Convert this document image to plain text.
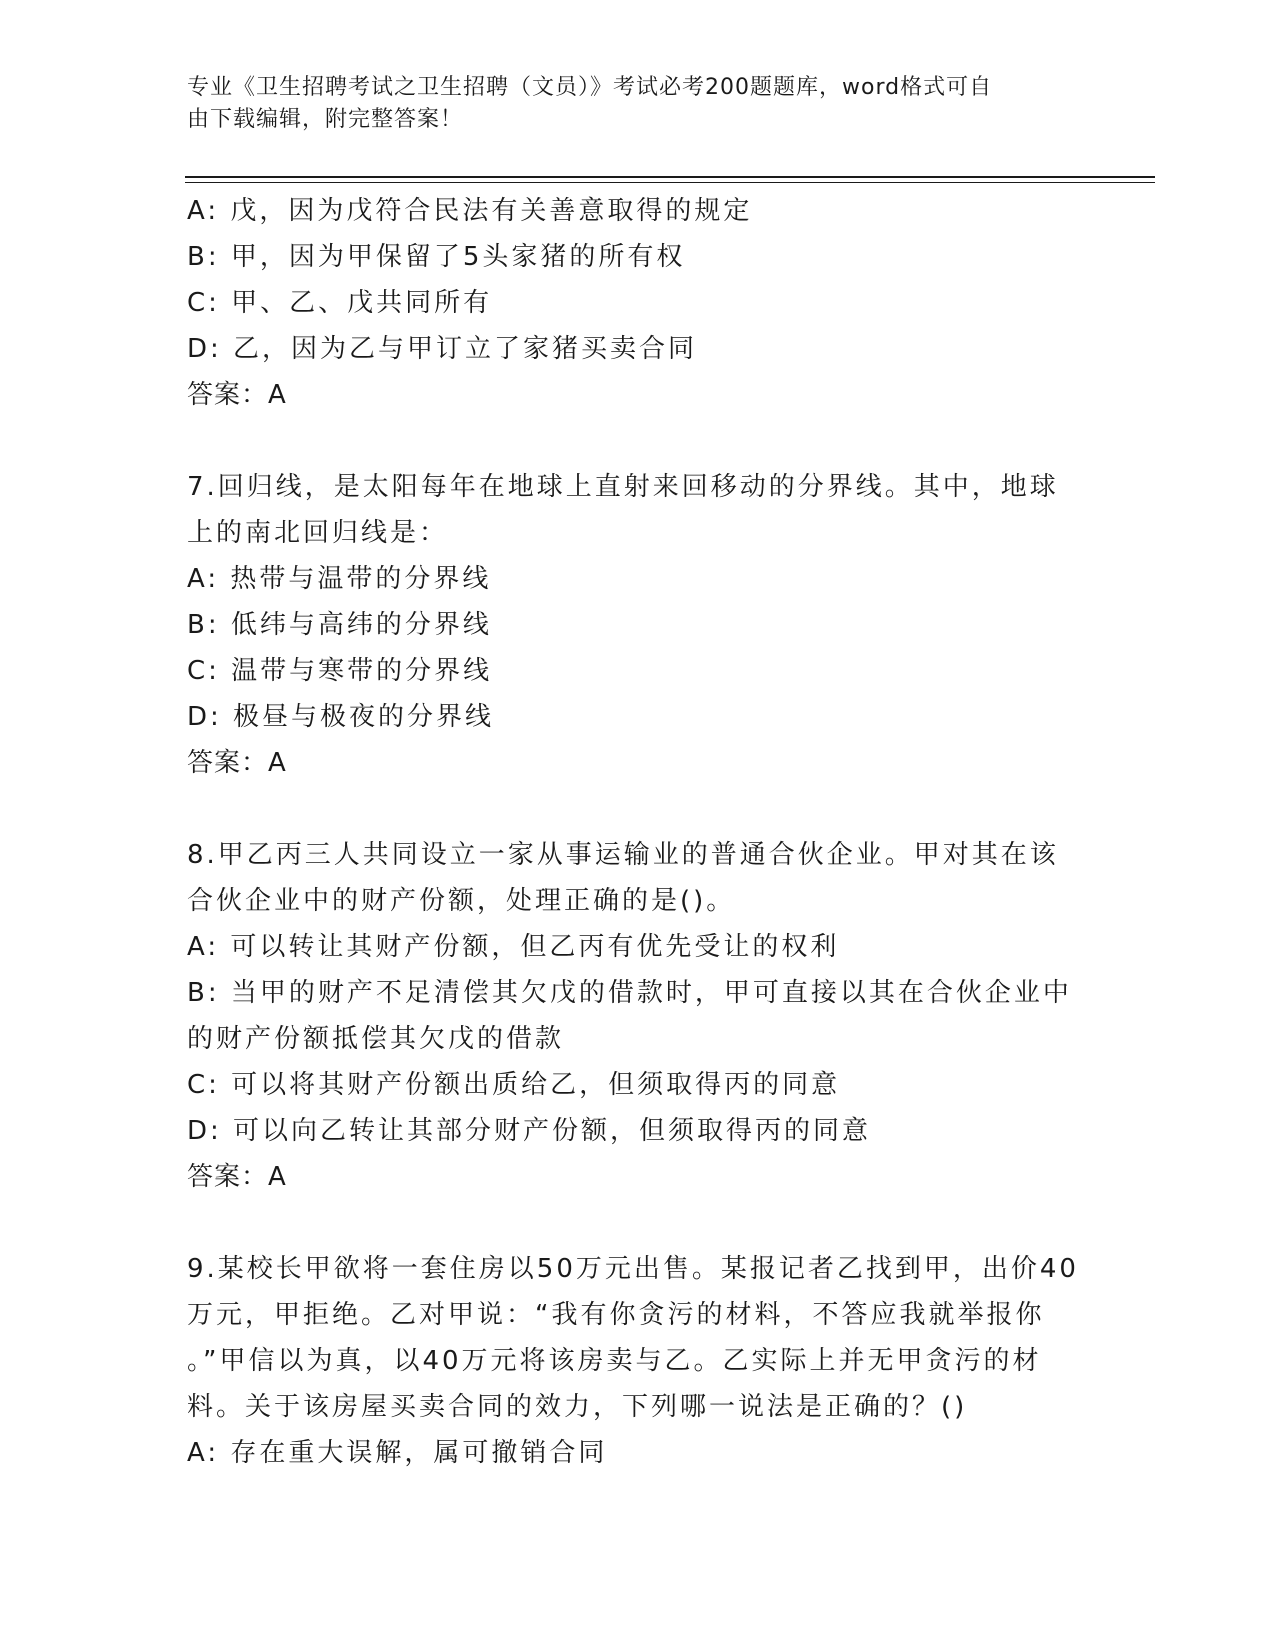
专业《卫生招聘考试之卫生招聘（文员）》考试必考200题题库，word格式可自
由下载编辑，附完整答案！
A: 戊，因为戊符合民法有关善意取得的规定
B: 甲，因为甲保留了5头家猪的所有权
C: 甲、乙、戊共同所有
D: 乙，因为乙与甲订立了家猪买卖合同
答案：A
7.回归线，是太阳每年在地球上直射来回移动的分界线。其中，地球
上的南北回归线是：
A: 热带与温带的分界线
B: 低纬与高纬的分界线
C: 温带与寒带的分界线
D: 极昼与极夜的分界线
答案：A
8.甲乙丙三人共同设立一家从事运输业的普通合伙企业。甲对其在该
合伙企业中的财产份额，处理正确的是()。
A: 可以转让其财产份额，但乙丙有优先受让的权利
B: 当甲的财产不足清偿其欠戊的借款时，甲可直接以其在合伙企业中
的财产份额抵偿其欠戊的借款
C: 可以将其财产份额出质给乙，但须取得丙的同意
D: 可以向乙转让其部分财产份额，但须取得丙的同意
答案：A
9.某校长甲欲将一套住房以50万元出售。某报记者乙找到甲，出价40
万元，甲拒绝。乙对甲说：“我有你贪污的材料，不答应我就举报你
。”甲信以为真，以40万元将该房卖与乙。乙实际上并无甲贪污的材
料。关于该房屋买卖合同的效力，下列哪一说法是正确的？()
A: 存在重大误解，属可撤销合同
